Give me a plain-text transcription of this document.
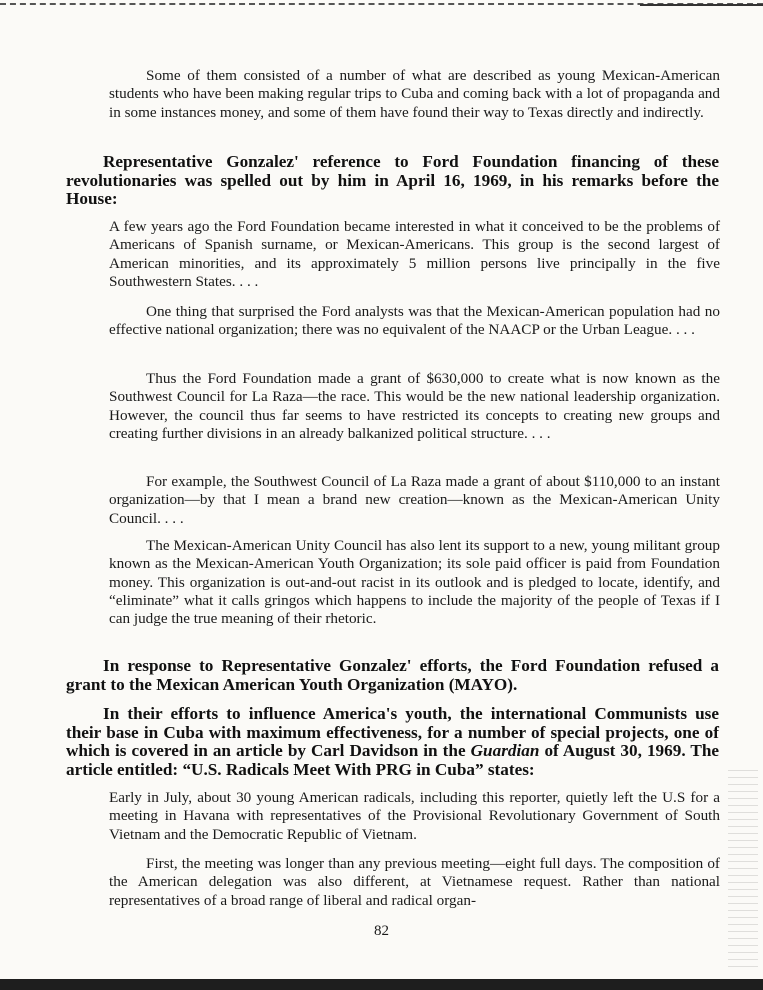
Some of them consisted of a number of what are described as young Mexican-American students who have been making regular trips to Cuba and coming back with a lot of propaganda and in some instances money, and some of them have found their way to Texas directly and indirectly.

Representative Gonzalez' reference to Ford Foundation financing of these revolutionaries was spelled out by him in April 16, 1969, in his remarks before the House:

A few years ago the Ford Foundation became interested in what it conceived to be the problems of Americans of Spanish surname, or Mexican-Americans. This group is the second largest of American minorities, and its approximately 5 million persons live principally in the five Southwestern States. . . .

One thing that surprised the Ford analysts was that the Mexican-American population had no effective national organization; there was no equivalent of the NAACP or the Urban League. . . .

Thus the Ford Foundation made a grant of $630,000 to create what is now known as the Southwest Council for La Raza—the race. This would be the new national leadership organization. However, the council thus far seems to have restricted its concepts to creating new groups and creating further divisions in an already balkanized political structure. . . .

For example, the Southwest Council of La Raza made a grant of about $110,000 to an instant organization—by that I mean a brand new creation—known as the Mexican-American Unity Council. . . .

The Mexican-American Unity Council has also lent its support to a new, young militant group known as the Mexican-American Youth Organization; its sole paid officer is paid from Foundation money. This organization is out-and-out racist in its outlook and is pledged to locate, identify, and “eliminate” what it calls gringos which happens to include the majority of the people of Texas if I can judge the true meaning of their rhetoric.

In response to Representative Gonzalez' efforts, the Ford Foundation refused a grant to the Mexican American Youth Organization (MAYO).

In their efforts to influence America's youth, the international Communists use their base in Cuba with maximum effectiveness, for a number of special projects, one of which is covered in an article by Carl Davidson in the Guardian of August 30, 1969. The article entitled: “U.S. Radicals Meet With PRG in Cuba” states:

Early in July, about 30 young American radicals, including this reporter, quietly left the U.S for a meeting in Havana with representatives of the Provisional Revolutionary Government of South Vietnam and the Democratic Republic of Vietnam.

First, the meeting was longer than any previous meeting—eight full days. The composition of the American delegation was also different, at Vietnamese request. Rather than national representatives of a broad range of liberal and radical organ-

82
